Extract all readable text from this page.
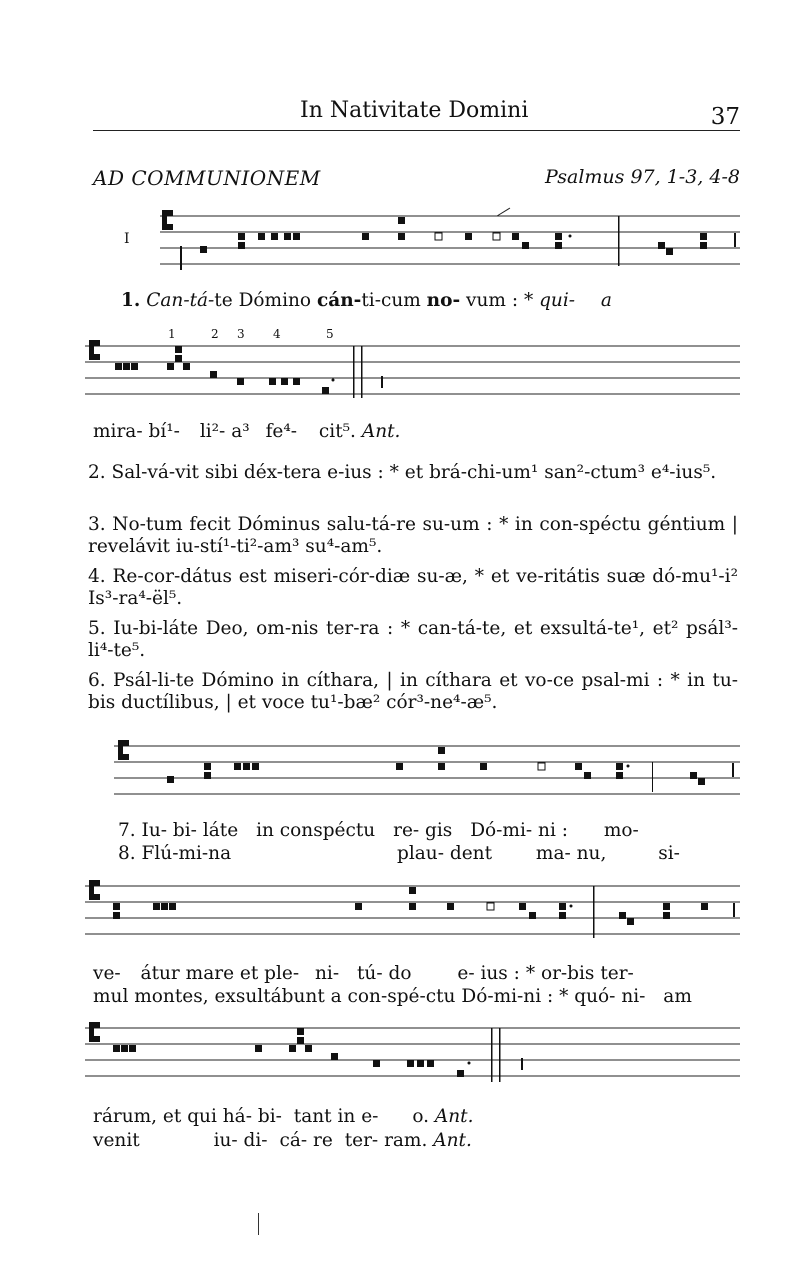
In Nativitate Domini	37
AD COMMUNIONEM	Psalmus 97, 1-3, 4-8
I
1. Can-tá-te Dómino cán-ti-cum no- vum : * qui- a
1	2 3 4	5
mira- bí¹- li²- a³ fe⁴- cit⁵. Ant.
2. Sal-vá-vit sibi déx-tera e-ius : * et brá-chi-um¹ san²-ctum³ e⁴-ius⁵.
3. No-tum fecit Dóminus salu-tá-re su-um : * in con-spéctu géntium | revelávit iu-stí¹-ti²-am³ su⁴-am⁵.
4. Re-cor-dátus est miseri-cór-diæ su-æ, * et ve-ritátis suæ dó-mu¹-i² Is³-ra⁴-ël⁵.
5. Iu-bi-láte Deo, om-nis ter-ra : * can-tá-te, et exsultá-te¹, et² psál³-li⁴-te⁵.
6. Psál-li-te Dómino in cíthara, | in cíthara et vo-ce psal-mi : * in tu-bis ductílibus, | et voce tu¹-bæ² cór³-ne⁴-æ⁵.
7. Iu- bi- láte in conspéctu re- gis Dó-mi- ni : mo-
8. Flú-mi-na	plau- dent ma- nu,	si-
ve- átur mare et ple- ni- tú- do e- ius : * or-bis ter-
mul montes, exsultábunt a con-spé-ctu Dó-mi-ni : * quó- ni- am
rárum, et qui há- bi- tant in e- o. Ant.
venit	iu- di- cá- re ter- ram. Ant.
